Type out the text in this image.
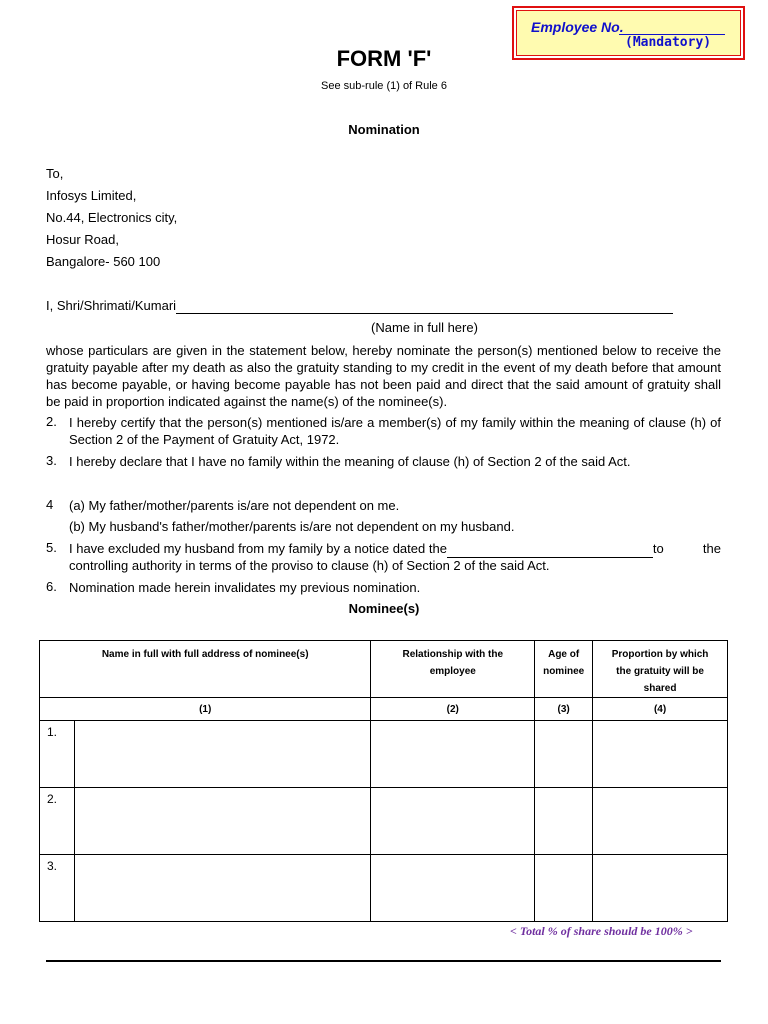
Employee No.
(Mandatory)
FORM 'F'
See sub-rule (1) of Rule 6
Nomination
To,
Infosys Limited,
No.44, Electronics city,
Hosur Road,
Bangalore- 560 100
I, Shri/Shrimati/Kumari
(Name in full here)
whose particulars are given in the statement below, hereby nominate the person(s) mentioned below to receive the gratuity payable after my death as also the gratuity standing to my credit in the event of my death before that amount has become payable, or having become payable has not been paid and direct that the said amount of gratuity shall be paid in proportion indicated against the name(s) of the nominee(s).
2. I hereby certify that the person(s) mentioned is/are a member(s) of my family within the meaning of clause (h) of Section 2 of the Payment of Gratuity Act, 1972.
3. I hereby declare that I have no family within the meaning of clause (h) of Section 2 of the said Act.
4 (a) My father/mother/parents is/are not dependent on me.
(b) My husband's father/mother/parents is/are not dependent on my husband.
5. I have excluded my husband from my family by a notice dated the	to	the
controlling authority in terms of the proviso to clause (h) of Section 2 of the said Act.
6. Nomination made herein invalidates my previous nomination.
Nominee(s)
Name in full with full address of nominee(s)		Relationship with the employee	Age of nominee	Proportion by which the gratuity will be shared
(1)		(2)	(3)	(4)
1.				
2.				
3.				
< Total % of share should be 100% >
